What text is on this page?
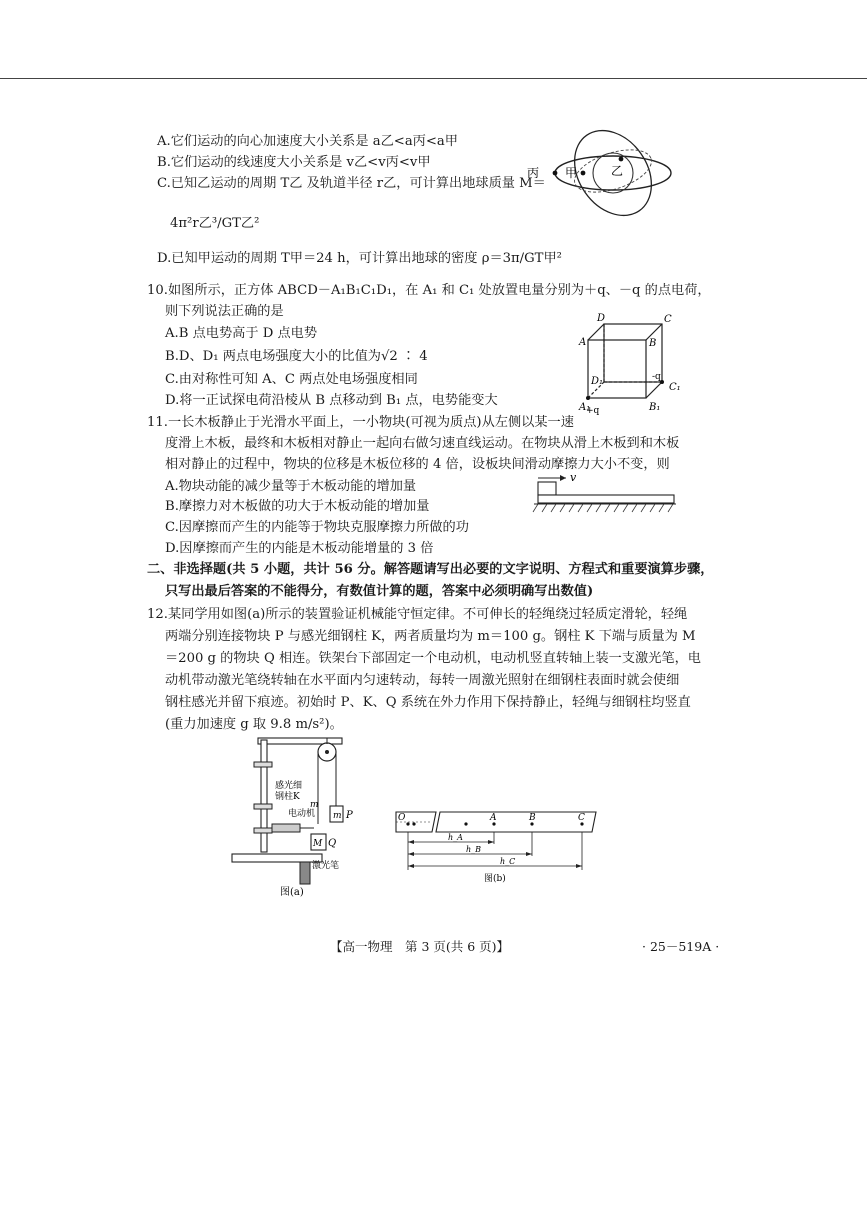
A.它们运动的向心加速度大小关系是 a乙<a丙<a甲
B.它们运动的线速度大小关系是 v乙<v丙<v甲
C.已知乙运动的周期 T乙 及轨道半径 r乙，可计算出地球质量 M＝
4π²r乙³/GT乙²
D.已知甲运动的周期 T甲＝24 h，可计算出地球的密度 ρ＝3π/GT甲²
丙 甲	乙
10.如图所示，正方体 ABCD－A₁B₁C₁D₁，在 A₁ 和 C₁ 处放置电量分别为＋q、－q 的点电荷，
则下列说法正确的是
A.B 点电势高于 D 点电势
B.D、D₁ 两点电场强度大小的比值为√2 ∶ 4
C.由对称性可知 A、C 两点处电场强度相同
D.将一正试探电荷沿棱从 B 点移动到 B₁ 点，电势能变大
D	C
A	B
D₁
C₁
-q
B₁
A₁
+q
11.一长木板静止于光滑水平面上，一小物块(可视为质点)从左侧以某一速
度滑上木板，最终和木板相对静止一起向右做匀速直线运动。在物块从滑上木板到和木板
相对静止的过程中，物块的位移是木板位移的 4 倍，设板块间滑动摩擦力大小不变，则
A.物块动能的减少量等于木板动能的增加量
B.摩擦力对木板做的功大于木板动能的增加量
C.因摩擦而产生的内能等于物块克服摩擦力所做的功
D.因摩擦而产生的内能是木板动能增量的 3 倍
v
二、非选择题(共 5 小题，共计 56 分。解答题请写出必要的文字说明、方程式和重要演算步骤，
只写出最后答案的不能得分，有数值计算的题，答案中必须明确写出数值)
12.某同学用如图(a)所示的装置验证机械能守恒定律。不可伸长的轻绳绕过轻质定滑轮，轻绳
两端分别连接物块 P 与感光细钢柱 K，两者质量均为 m＝100 g。钢柱 K 下端与质量为 M
＝200 g 的物块 Q 相连。铁架台下部固定一个电动机，电动机竖直转轴上装一支激光笔，电
动机带动激光笔绕转轴在水平面内匀速转动，每转一周激光照射在细钢柱表面时就会使细
钢柱感光并留下痕迹。初始时 P、K、Q 系统在外力作用下保持静止，轻绳与细钢柱均竖直
(重力加速度 g 取 9.8 m/s²)。
m P
M Q
感光细
钢柱K
m
电动机
激光笔
图(a)
O	A	B	C
h_A
h_B
h_C
图(b)
【高一物理　第 3 页(共 6 页)】	· 25－519A ·
